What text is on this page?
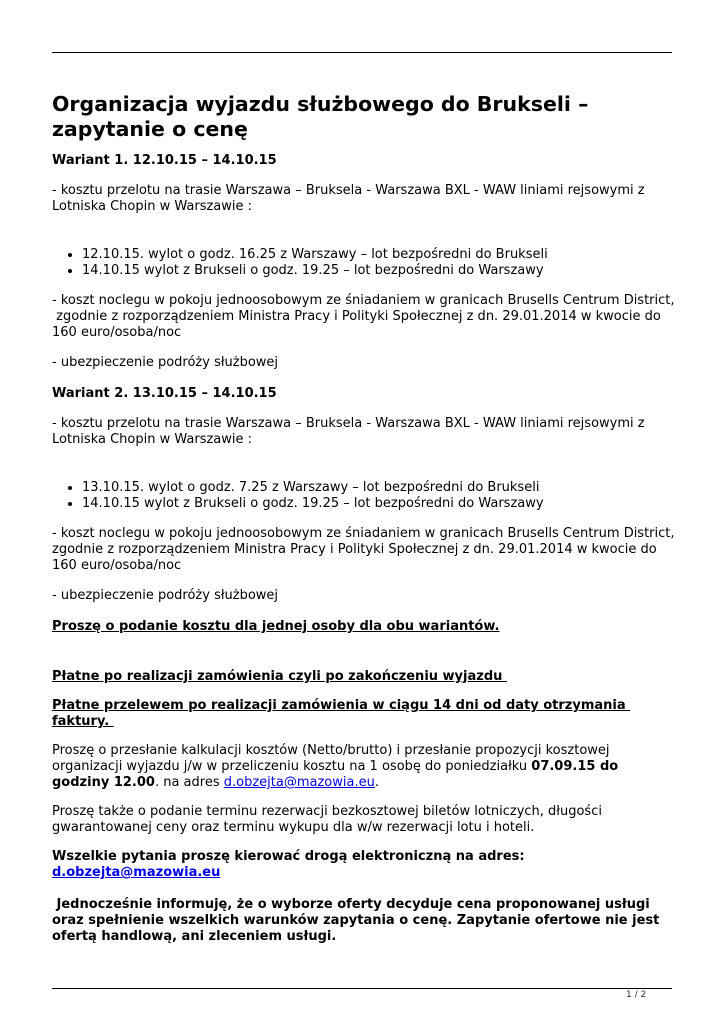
Organizacja wyjazdu służbowego do Brukseli – zapytanie o cenę

Wariant 1. 12.10.15 – 14.10.15

- kosztu przelotu na trasie Warszawa – Bruksela - Warszawa BXL - WAW liniami rejsowymi z Lotniska Chopin w Warszawie :

• 12.10.15. wylot o godz. 16.25 z Warszawy – lot bezpośredni do Brukseli
• 14.10.15 wylot z Brukseli o godz. 19.25 – lot bezpośredni do Warszawy

- koszt noclegu w pokoju jednoosobowym ze śniadaniem w granicach Brusells Centrum District,

zgodnie z rozporządzeniem Ministra Pracy i Polityki Społecznej z dn. 29.01.2014 w kwocie do 160 euro/osoba/noc

- ubezpieczenie podróży służbowej

Wariant 2. 13.10.15 – 14.10.15

- kosztu przelotu na trasie Warszawa – Bruksela - Warszawa BXL - WAW liniami rejsowymi z Lotniska Chopin w Warszawie :

• 13.10.15. wylot o godz. 7.25 z Warszawy – lot bezpośredni do Brukseli
• 14.10.15 wylot z Brukseli o godz. 19.25 – lot bezpośredni do Warszawy

- koszt noclegu w pokoju jednoosobowym ze śniadaniem w granicach Brusells Centrum District, zgodnie z rozporządzeniem Ministra Pracy i Polityki Społecznej z dn. 29.01.2014 w kwocie do 160 euro/osoba/noc

- ubezpieczenie podróży służbowej

Proszę o podanie kosztu dla jednej osoby dla obu wariantów.

Płatne po realizacji zamówienia czyli po zakończeniu wyjazdu

Płatne przelewem po realizacji zamówienia w ciągu 14 dni od daty otrzymania faktury.

Proszę o przesłanie kalkulacji kosztów (Netto/brutto) i przesłanie propozycji kosztowej organizacji wyjazdu j/w w przeliczeniu kosztu na 1 osobę do poniedziałku 07.09.15 do godziny 12.00. na adres d.obzejta@mazowia.eu.

Proszę także o podanie terminu rezerwacji bezkosztowej biletów lotniczych, długości gwarantowanej ceny oraz terminu wykupu dla w/w rezerwacji lotu i hoteli.

Wszelkie pytania proszę kierować drogą elektroniczną na adres: d.obzejta@mazowia.eu

Jednocześnie informuję, że o wyborze oferty decyduje cena proponowanej usługi oraz spełnienie wszelkich warunków zapytania o cenę. Zapytanie ofertowe nie jest ofertą handlową, ani zleceniem usługi.

1 / 2
